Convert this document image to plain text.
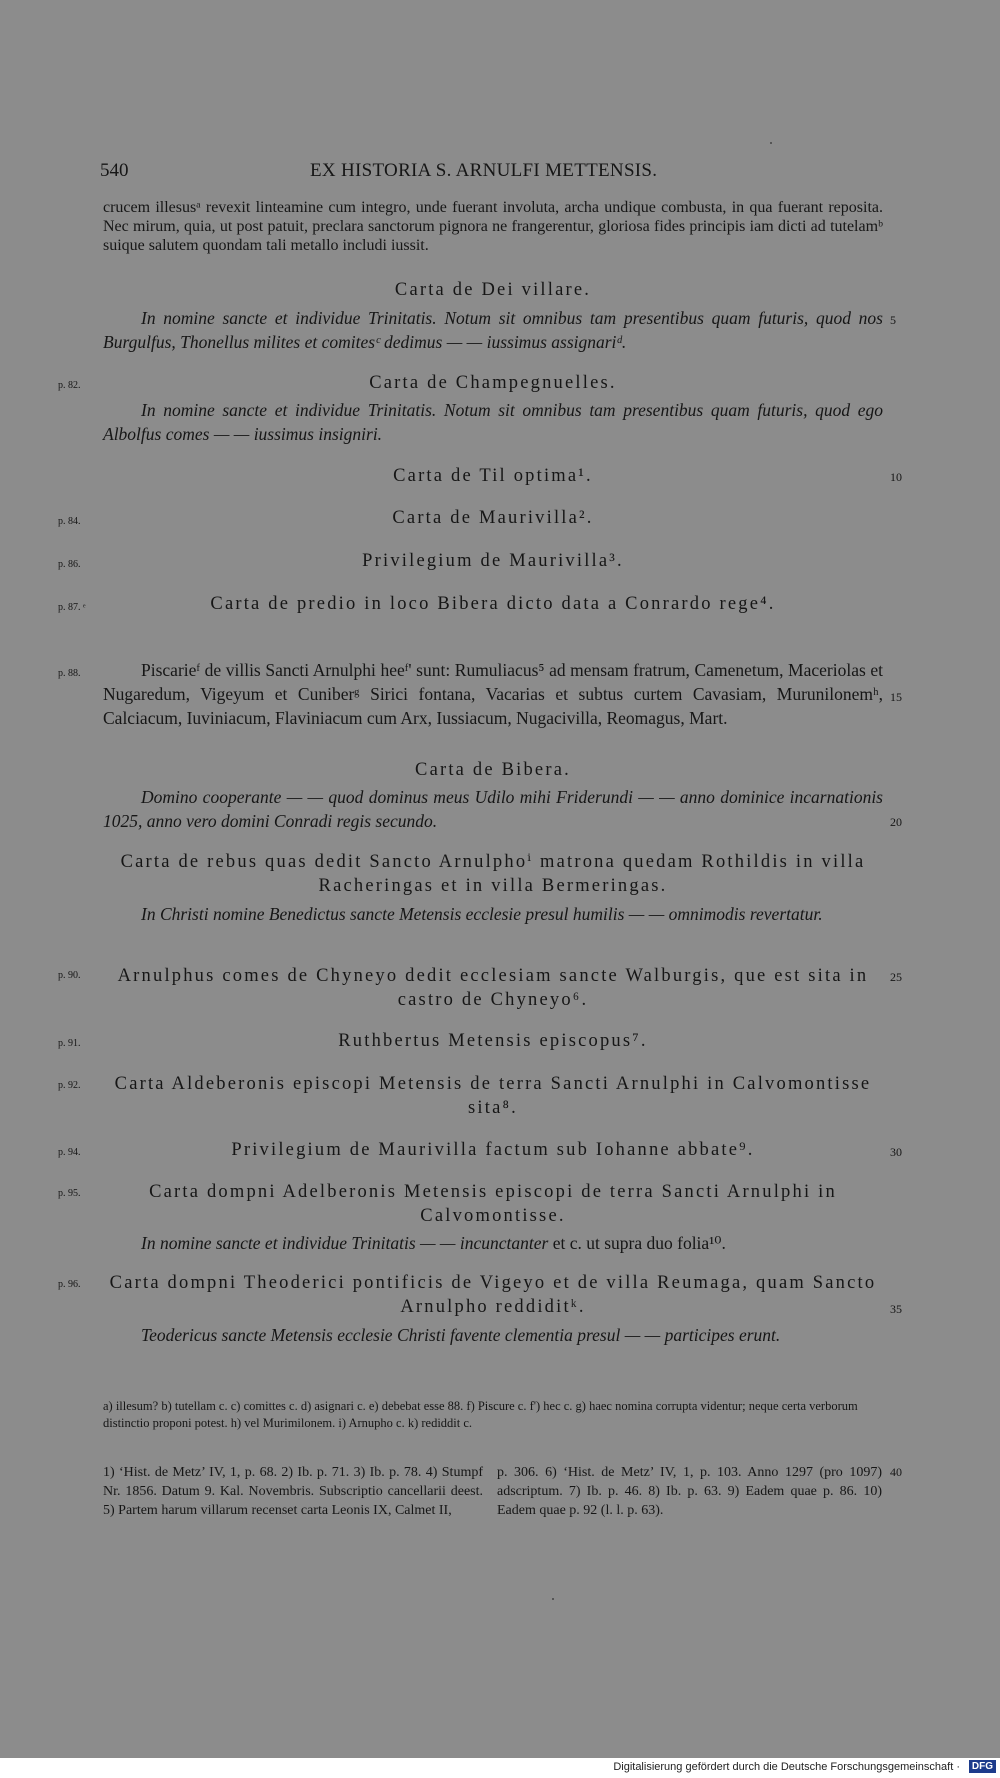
540	EX HISTORIA S. ARNULFI METTENSIS.
crucem illesusᵃ revexit linteamine cum integro, unde fuerant involuta, archa undique combusta, in qua fuerant reposita. Nec mirum, quia, ut post patuit, preclara sanctorum pignora ne frangerentur, gloriosa fides principis iam dicti ad tutelamᵇ suique salutem quondam tali metallo includi iussit.
Carta de Dei villare.
In nomine sancte et individue Trinitatis. Notum sit omnibus tam presentibus quam futuris, quod nos Burgulfus, Thonellus milites et comitesᶜ dedimus — — iussimus assignariᵈ.
Carta de Champegnuelles.
In nomine sancte et individue Trinitatis. Notum sit omnibus tam presentibus quam futuris, quod ego Albolfus comes — — iussimus insigniri.
Carta de Til optima¹.
Carta de Maurivilla².
Privilegium de Maurivilla³.
Carta de predio in loco Bibera dicto data a Conrardo rege⁴.
Piscarieᶠ de villis Sancti Arnulphi heeᶠ' sunt: Rumuliacus⁵ ad mensam fratrum, Camenetum, Maceriolas et Nugaredum, Vigeyum et Cuniberᵍ Sirici fontana, Vacarias et subtus curtem Cavasiam, Murunilonemʰ, Calciacum, Iuviniacum, Flaviniacum cum Arx, Iussiacum, Nugacivilla, Reomagus, Mart.
Carta de Bibera.
Domino cooperante — — quod dominus meus Udilo mihi Friderundi — — anno dominice incarnationis 1025, anno vero domini Conradi regis secundo.
Carta de rebus quas dedit Sancto Arnulphoⁱ matrona quedam Rothildis in villa Racheringas et in villa Bermeringas.
In Christi nomine Benedictus sancte Metensis ecclesie presul humilis — — omnimodis revertatur.
Arnulphus comes de Chyneyo dedit ecclesiam sancte Walburgis, que est sita in castro de Chyneyo⁶.
Ruthbertus Metensis episcopus⁷.
Carta Aldeberonis episcopi Metensis de terra Sancti Arnulphi in Calvomontisse sita⁸.
Privilegium de Maurivilla factum sub Iohanne abbate⁹.
Carta dompni Adelberonis Metensis episcopi de terra Sancti Arnulphi in Calvomontisse.
In nomine sancte et individue Trinitatis — — incunctanter et c. ut supra duo folia¹⁰.
Carta dompni Theoderici pontificis de Vigeyo et de villa Reumaga, quam Sancto Arnulpho reddiditᵏ.
Teodericus sancte Metensis ecclesie Christi favente clementia presul — — participes erunt.
p. 82.
p. 84.
p. 86.
p. 87. ᵉ
p. 88.
p. 90.
p. 91.
p. 92.
p. 94.
p. 95.
p. 96.
5
10
15
20
25
30
35
40
a) illesum? b) tutellam c. c) comittes c. d) asignari c. e) debebat esse 88. f) Piscure c. f') hec c. g) haec nomina corrupta videntur; neque certa verborum distinctio proponi potest. h) vel Murimilonem. i) Arnupho c. k) rediddit c.
1) ‘Hist. de Metz’ IV, 1, p. 68. 2) Ib. p. 71. 3) Ib. p. 78. 4) Stumpf Nr. 1856. Datum 9. Kal. Novembris. Subscriptio cancellarii deest. 5) Partem harum villarum recenset carta Leonis IX, Calmet II,
p. 306. 6) ‘Hist. de Metz’ IV, 1, p. 103. Anno 1297 (pro 1097) adscriptum. 7) Ib. p. 46. 8) Ib. p. 63. 9) Eadem quae p. 86. 10) Eadem quae p. 92 (l. l. p. 63).
Digitalisierung gefördert durch die Deutsche Forschungsgemeinschaft ·	DFG
